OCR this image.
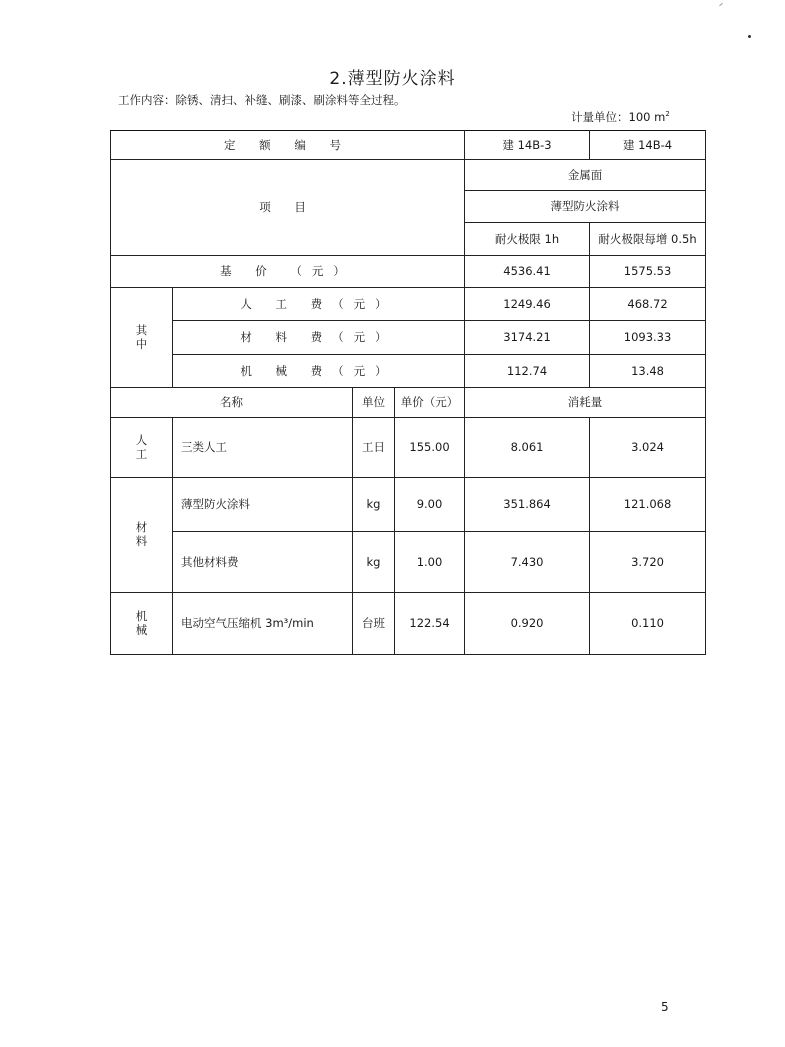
2.薄型防火涂料
工作内容：除锈、清扫、补缝、刷漆、刷涂料等全过程。
计量单位：100 $m^2$
定 额 编 号				建 14B-3	建 14B-4
项 目				金属面	
				薄型防火涂料	
				耐火极限 1h	耐火极限每增 0.5h
基 价 （元）				4536.41	1575.53
其中	人 工 费（元）			1249.46	468.72
	材 料 费（元）			3174.21	1093.33
	机 械 费（元）			112.74	13.48
名称		单位	单价（元）	消耗量	
人工	三类人工	工日	155.00	8.061	3.024
材料	薄型防火涂料	kg	9.00	351.864	121.068
	其他材料费	kg	1.00	7.430	3.720
机械	电动空气压缩机 3m³/min	台班	122.54	0.920	0.110
5
